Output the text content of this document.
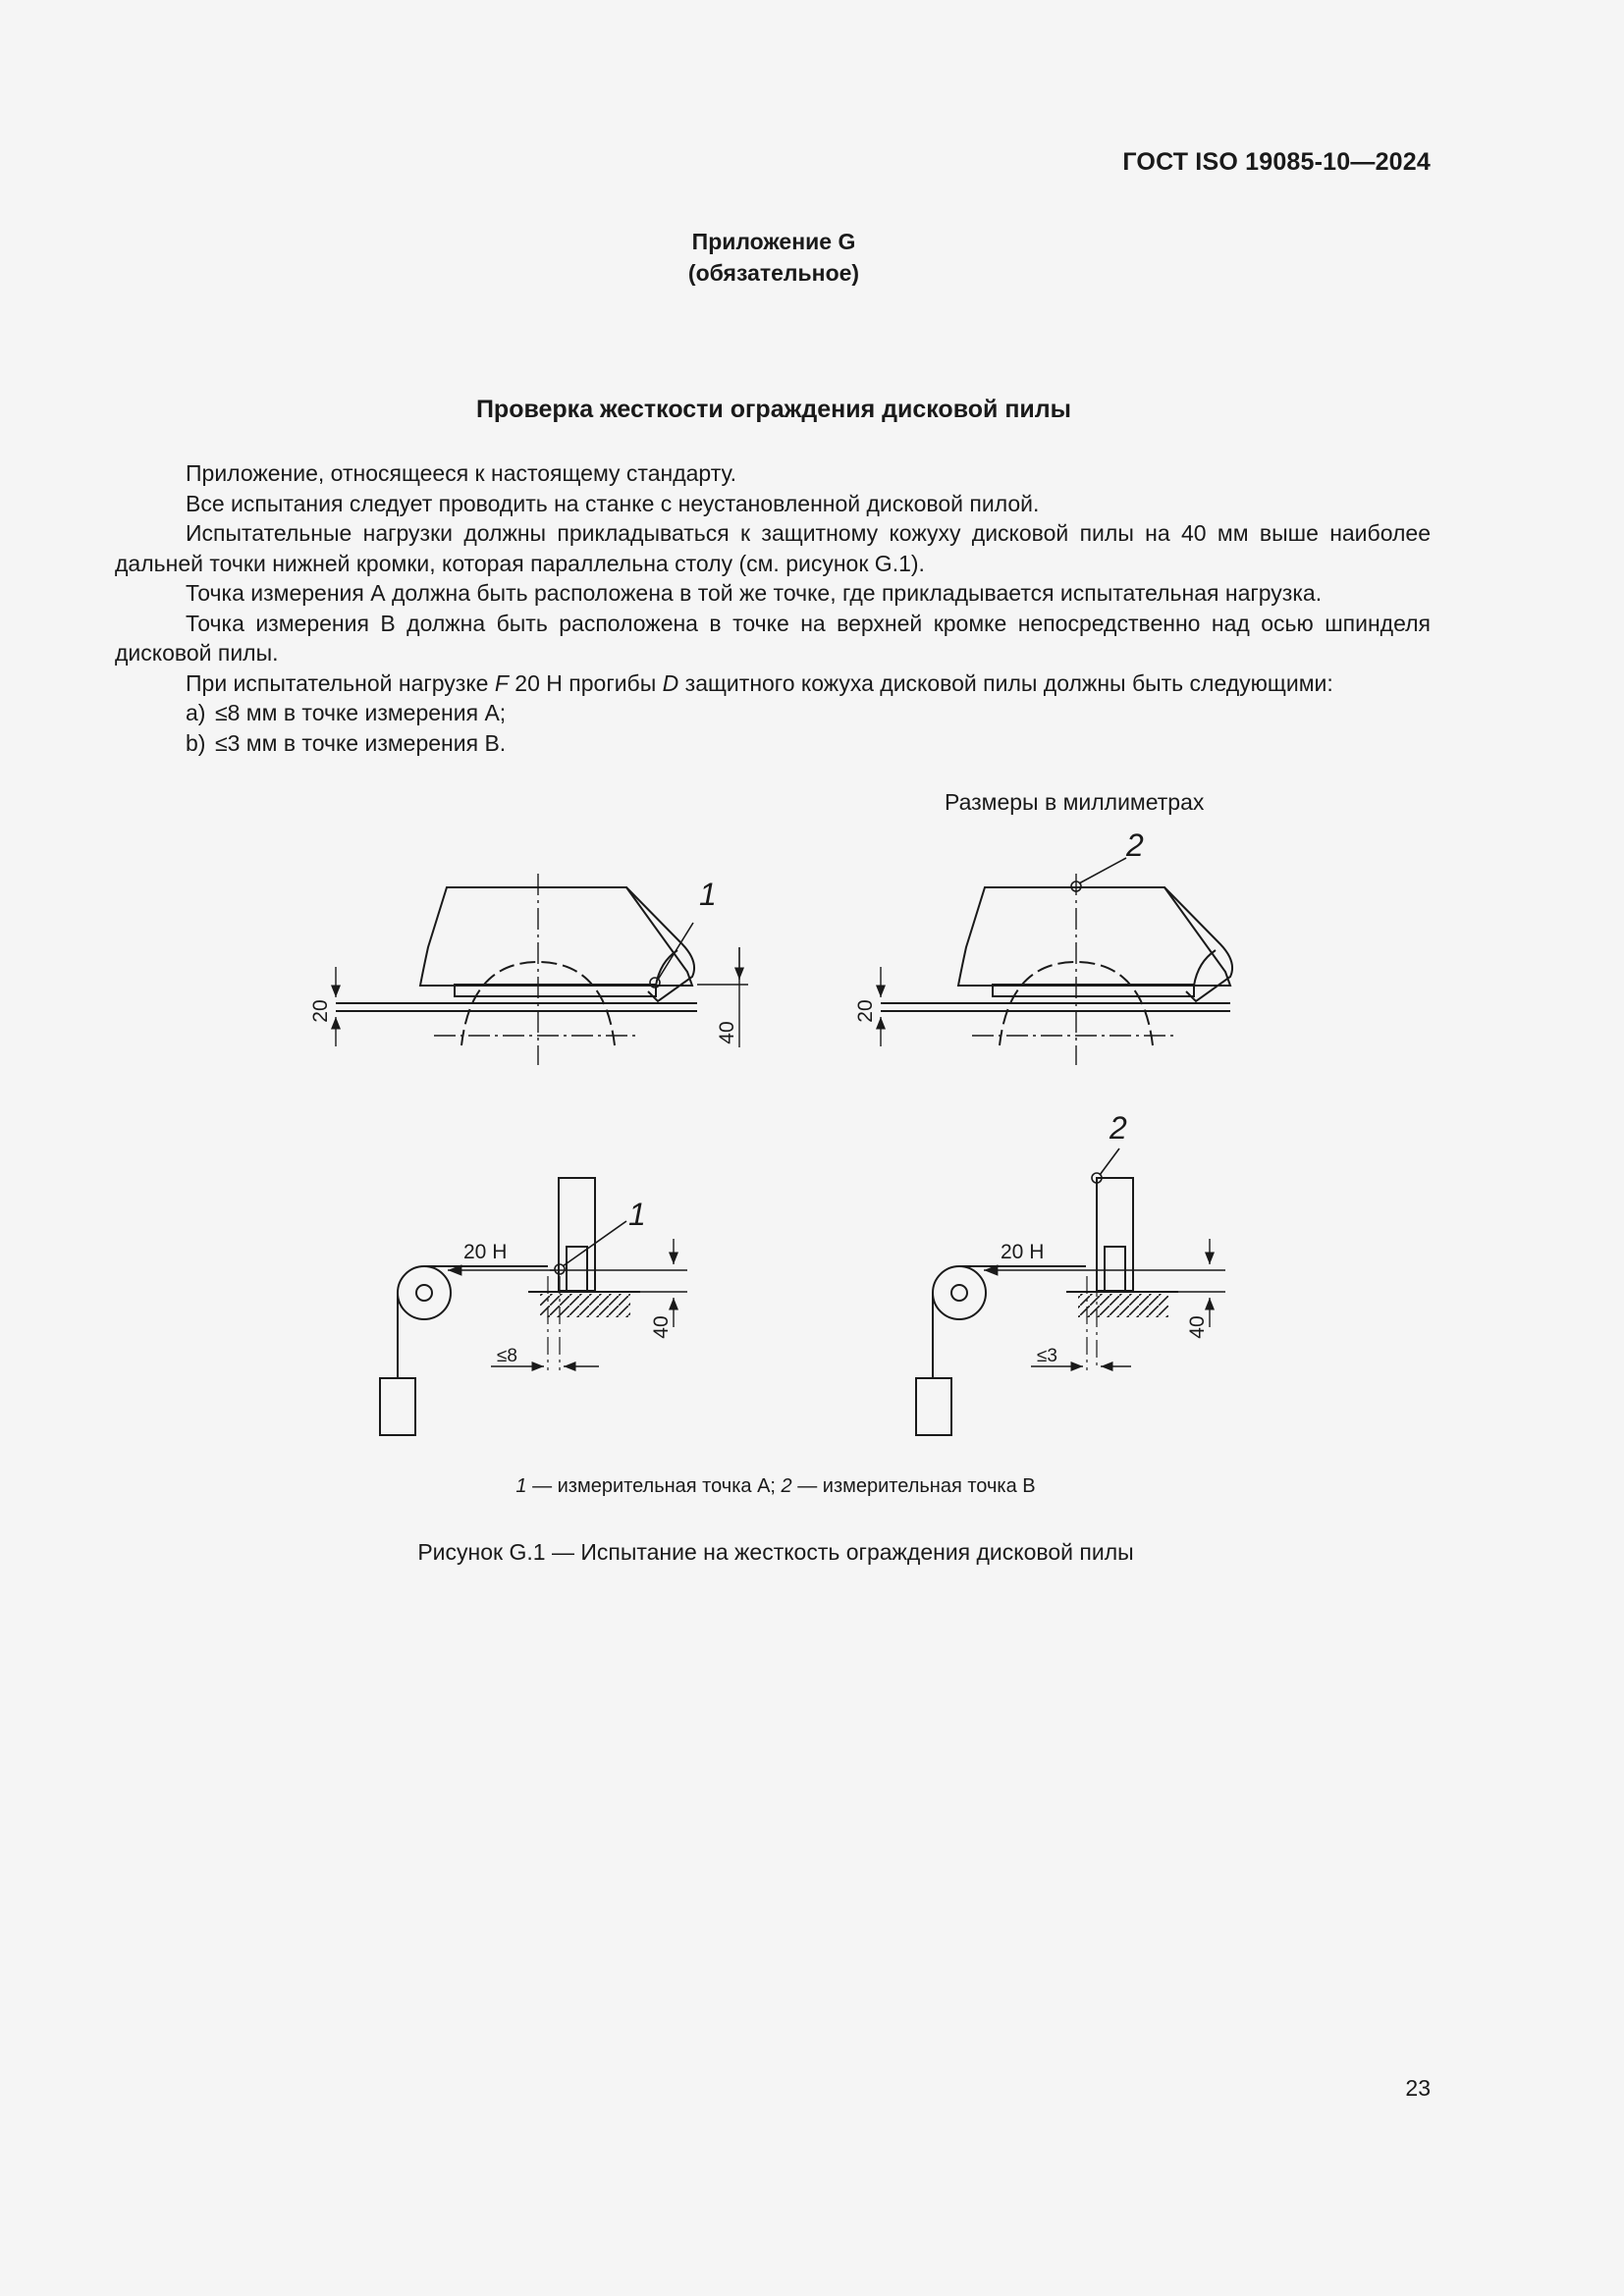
ГОСТ ISO 19085-10—2024
Приложение G
(обязательное)
Проверка жесткости ограждения дисковой пилы

Приложение, относящееся к настоящему стандарту.

Все испытания следует проводить на станке с неустановленной дисковой пилой.

Испытательные нагрузки должны прикладываться к защитному кожуху дисковой пилы на 40 мм выше наиболее дальней точки нижней кромки, которая параллельна столу (см. рисунок G.1).

Точка измерения А должна быть расположена в той же точке, где прикладывается испытательная нагрузка.

Точка измерения В должна быть расположена в точке на верхней кромке непосредственно над осью шпинделя дисковой пилы.

При испытательной нагрузке F 20 Н прогибы D защитного кожуха дисковой пилы должны быть следующими:

a) ≤8 мм в точке измерения А;

b) ≤3 мм в точке измерения В.

Размеры в миллиметрах
20
40
1
20
2
20 Н
1
40
≤8
20 Н
2
40
≤3
1 — измерительная точка А; 2 — измерительная точка В
Рисунок G.1 — Испытание на жесткость ограждения дисковой пилы
23
